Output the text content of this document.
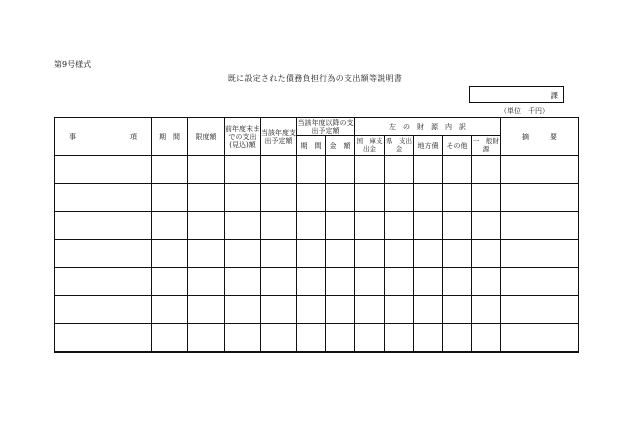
第9号様式
既に設定された債務負担行為の支出額等説明書
課
（単位　千円）
事 項	期　間	限度額	前年度末までの支出(見込)額	当該年度支出予定額	当該年度以降の支出予定額		左　の　財　源　内　訳					摘　　　要
					期　間	金　額	国　庫支出金	県　支出　金	地方債	その他	一　般財　源	
